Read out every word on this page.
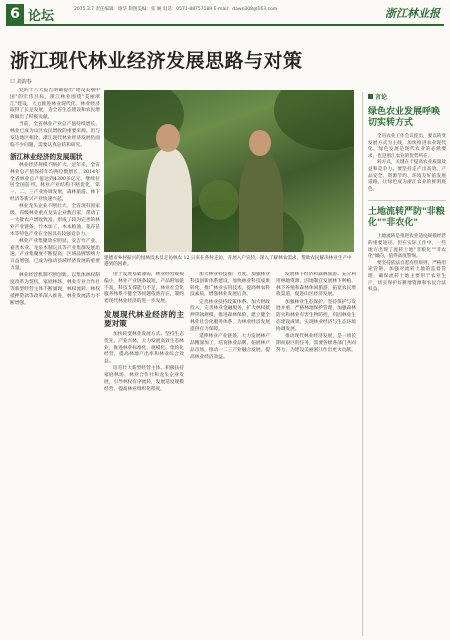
6 论坛	2015.3.7 责任编辑：谢华 制图美编：张 娴 电话：0571-88757189 E-mail：dawn308@163.com	浙江林业报
浙江现代林业经济发展思路与对策
口 刘韵春

党的十八大报告明确提出"建设美丽中国"的宏伟目标，浙江林业围绕"美丽浙江"建设，大力推进林业现代化，林业经济取得了长足发展，为全省生态建设和农民增收做出了积极贡献。

当前，全省林业产业总产值持续增长，林业已成为山区农民增收的重要来源。但与发达地区相比，浙江现代林业经济发展仍面临不少问题，需要认真总结和研究。

浙江林业经济的发展现状

林业经济规模不断扩大。近年来，全省林业总产值保持年均两位数增长，2014年全省林业总产值达到4300多亿元，继续位居全国前列。林业产业结构不断优化，第一、二、三产业协调发展，森林旅游、林下经济等新兴产业快速兴起。

林业龙头企业不断壮大。全省现有国家级、省级林业重点龙头企业数百家，带动了一大批农户增收致富，形成了较为完善的林业产业链条，竹木加工、木本粮油、花卉苗木等特色产业在全国具有较强竞争力。

林业产业集聚效应明显。安吉竹产业、嘉善木业、龙泉木制玩具等产业集群发展迅速，产业集聚度不断提高，区域品牌影响力日益增强，已成为推动县域经济发展的重要力量。

林业经营机制不断创新。以集体林权制度改革为契机，家庭林场、林业专业合作社等新型经营主体不断涌现，林权流转、林权抵押贷款等改革深入推进，林业发展活力不断增强。

建德市乡村振兴的园林技术员走访林农 12 日来在各村走访，开展入户宣传，深入了解林农需求，帮助农民解决林业生产中遇到的困难。

由于发展基础薄弱，林业经营规模偏小，林业产业链条较短，产品附加值不高，科技支撑能力不足，林业社会化服务体系不健全等问题依然存在，制约着现代林业经济的进一步发展。

发展现代林业经济的主要对策

加快转变林业发展方式。坚持生态优先、产业兴林，大力发展高效生态林业，推进林业标准化、规模化、集约化经营，提高林地产出率和林业综合效益。

培育壮大新型经营主体。积极扶持家庭林场、林业合作社和龙头企业发展，引导林权有序流转，发展适度规模经营，提高林业组织化程度。

加大林业科技推广力度。加强林业科技创新体系建设，加快林业科技成果转化，推广林业实用技术，提高林农科技素质，增强林业发展后劲。

完善林业扶持政策体系。加大财政投入，完善林业金融服务，扩大林权抵押贷款规模，推进森林保险，建立健全林业社会化服务体系，为林业经济发展提供有力保障。

延伸林业产业链条。大力发展林产品精深加工，培育林业品牌，拓展林产品市场，推动一二三产业融合发展，提高林业经济效益。

发展林下经济和森林旅游。充分利用林地资源，因地制宜发展林下种植、林下养殖和森林休闲旅游，拓宽农民增收渠道，促进山区经济发展。

加强林业生态保护。坚持保护与发展并重，严格林地保护管理，加强森林防火和林业有害生物防控，巩固林业生态建设成果，实现林业经济与生态环境协调发展。

推动现代林业经济发展，是一项长期而艰巨的任务，需要各级各部门共同努力，为建设美丽浙江作出更大贡献。

言论
绿色农业发展呼唤切实转方式

全省农业工作会议提出，要以转变发展方式为主线，加快推进农业现代化。绿色发展是现代农业的必然要求，也是浙江农业的优势所在。

转方式，关键在于提高农业质量效益和竞争力。要坚持走产出高效、产品安全、资源节约、环境友好的发展道路，让绿色成为浙江农业的鲜明底色。

土地流转严防"非粮化""非农化"

土地流转是推进农业适度规模经营的重要途径。但在实际工作中，一些地方出现了流转土地"非粮化""非农化"倾向，值得高度警惕。

要坚持依法自愿有偿原则，严格用途管制，加强对流转土地的监督管理，确保流转土地主要用于农业生产，切实保护好耕地资源和农民合法权益。
